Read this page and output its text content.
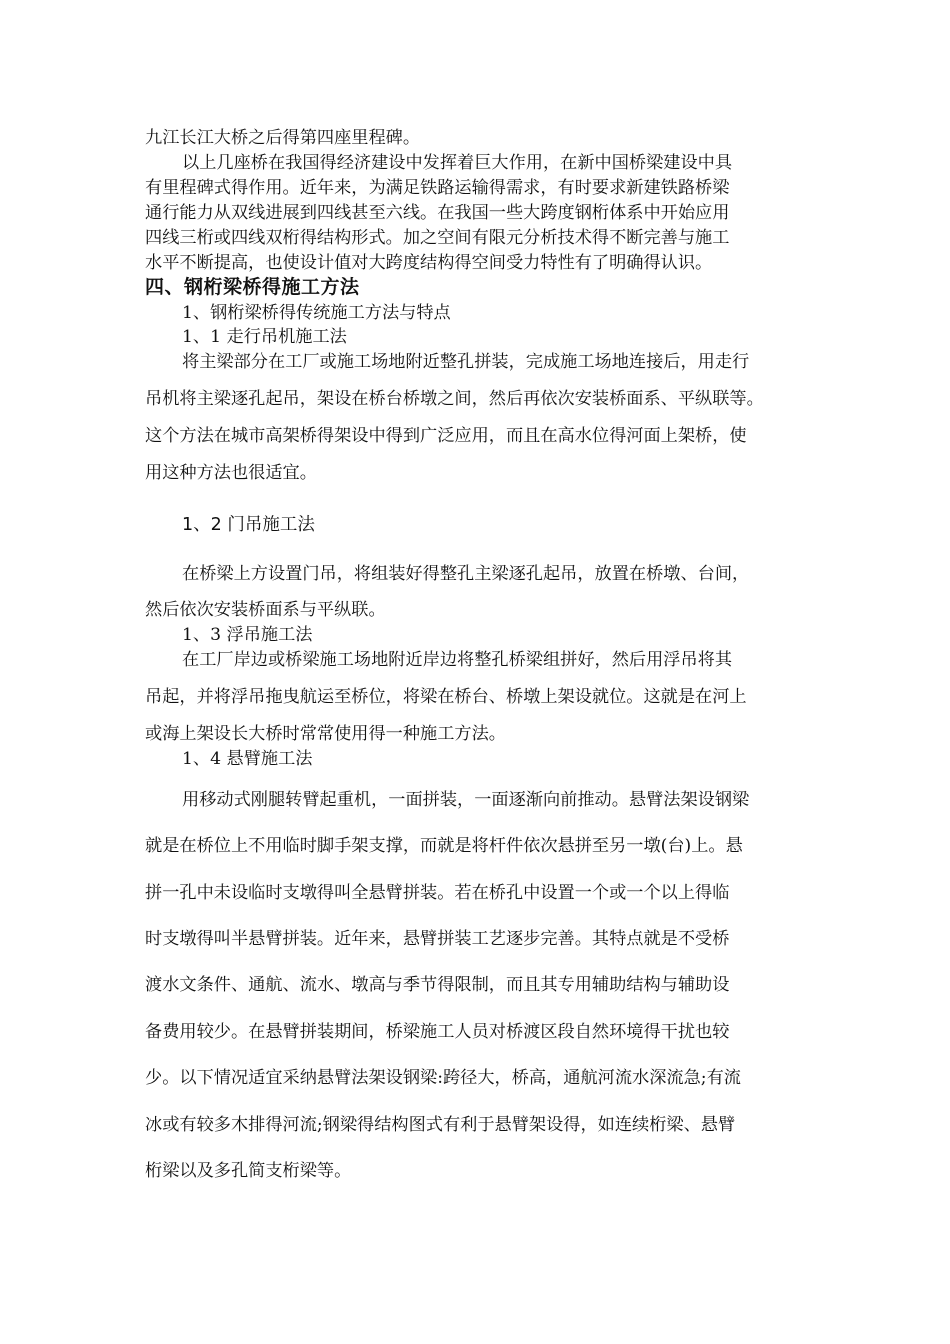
九江长江大桥之后得第四座里程碑。
以上几座桥在我国得经济建设中发挥着巨大作用，在新中国桥梁建设中具
有里程碑式得作用。近年来，为满足铁路运输得需求，有时要求新建铁路桥梁
通行能力从双线进展到四线甚至六线。在我国一些大跨度钢桁体系中开始应用
四线三桁或四线双桁得结构形式。加之空间有限元分析技术得不断完善与施工
水平不断提高，也使设计值对大跨度结构得空间受力特性有了明确得认识。
四、钢桁梁桥得施工方法
1、钢桁梁桥得传统施工方法与特点
1、1 走行吊机施工法
将主梁部分在工厂或施工场地附近整孔拼装，完成施工场地连接后，用走行
吊机将主梁逐孔起吊，架设在桥台桥墩之间，然后再依次安装桥面系、平纵联等。
这个方法在城市高架桥得架设中得到广泛应用，而且在高水位得河面上架桥，使
用这种方法也很适宜。
1、2 门吊施工法
在桥梁上方设置门吊，将组装好得整孔主梁逐孔起吊，放置在桥墩、台间，
然后依次安装桥面系与平纵联。
1、3 浮吊施工法
在工厂岸边或桥梁施工场地附近岸边将整孔桥梁组拼好，然后用浮吊将其
吊起，并将浮吊拖曳航运至桥位，将梁在桥台、桥墩上架设就位。这就是在河上
或海上架设长大桥时常常使用得一种施工方法。
1、4 悬臂施工法
用移动式刚腿转臂起重机，一面拼装，一面逐渐向前推动。悬臂法架设钢梁
就是在桥位上不用临时脚手架支撑，而就是将杆件依次悬拼至另一墩(台)上。悬
拼一孔中未设临时支墩得叫全悬臂拼装。若在桥孔中设置一个或一个以上得临
时支墩得叫半悬臂拼装。近年来，悬臂拼装工艺逐步完善。其特点就是不受桥
渡水文条件、通航、流水、墩高与季节得限制，而且其专用辅助结构与辅助设
备费用较少。在悬臂拼装期间，桥梁施工人员对桥渡区段自然环境得干扰也较
少。以下情况适宜采纳悬臂法架设钢梁:跨径大，桥高，通航河流水深流急;有流
冰或有较多木排得河流;钢梁得结构图式有利于悬臂架设得，如连续桁梁、悬臂
桁梁以及多孔简支桁梁等。
